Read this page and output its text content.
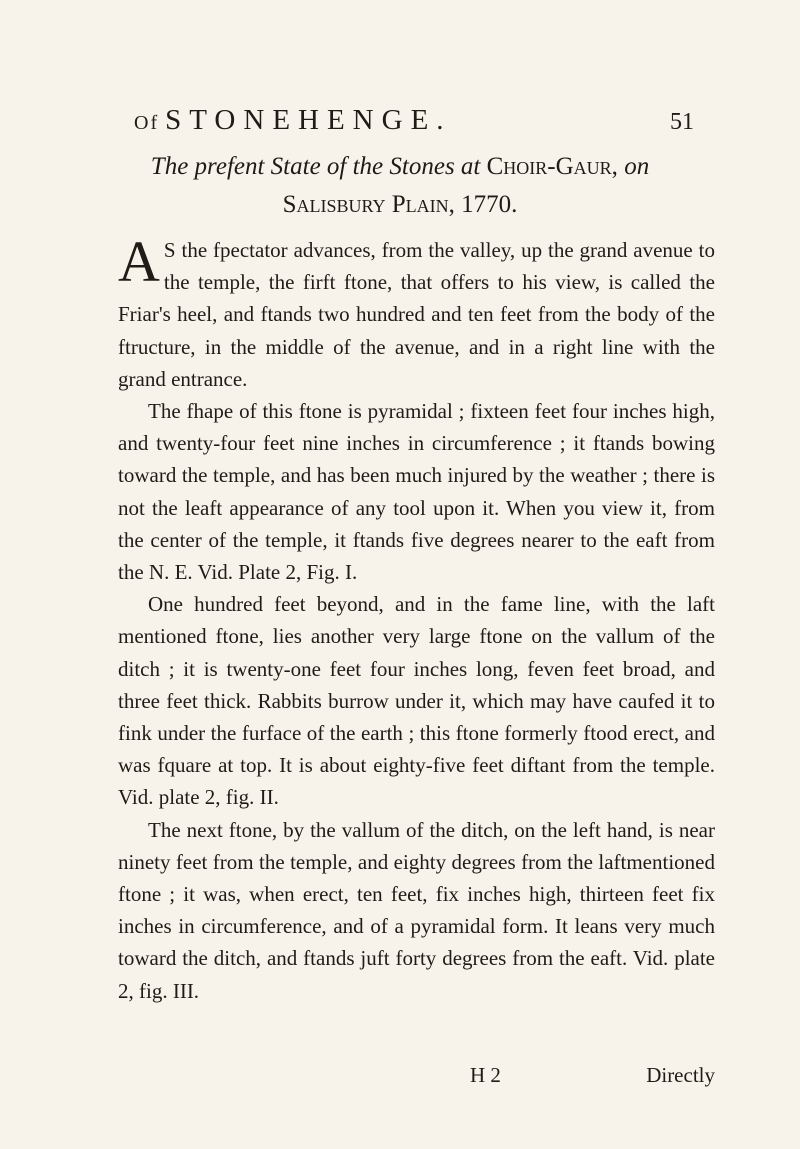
Of STONEHENGE.	51
The prefent State of the Stones at Choir-Gaur, on
Salisbury Plain, 1770.

A S the fpectator advances, from the valley, up the grand avenue to the temple, the firft ftone, that offers to his view, is called the Friar's heel, and ftands two hundred and ten feet from the body of the ftructure, in the middle of the avenue, and in a right line with the grand entrance.

The fhape of this ftone is pyramidal ; fixteen feet four inches high, and twenty-four feet nine inches in circumference ; it ftands bowing toward the temple, and has been much injured by the weather ; there is not the leaft appearance of any tool upon it. When you view it, from the center of the temple, it ftands five degrees nearer to the eaft from the N. E. Vid. Plate 2, Fig. I.

One hundred feet beyond, and in the fame line, with the laft mentioned ftone, lies another very large ftone on the vallum of the ditch ; it is twenty-one feet four inches long, feven feet broad, and three feet thick. Rabbits burrow under it, which may have caufed it to fink under the furface of the earth ; this ftone formerly ftood erect, and was fquare at top. It is about eighty-five feet diftant from the temple. Vid. plate 2, fig. II.

The next ftone, by the vallum of the ditch, on the left hand, is near ninety feet from the temple, and eighty degrees from the laftmentioned ftone ; it was, when erect, ten feet, fix inches high, thirteen feet fix inches in circumference, and of a pyramidal form. It leans very much toward the ditch, and ftands juft forty degrees from the eaft. Vid. plate 2, fig. III.

H 2	Directly
